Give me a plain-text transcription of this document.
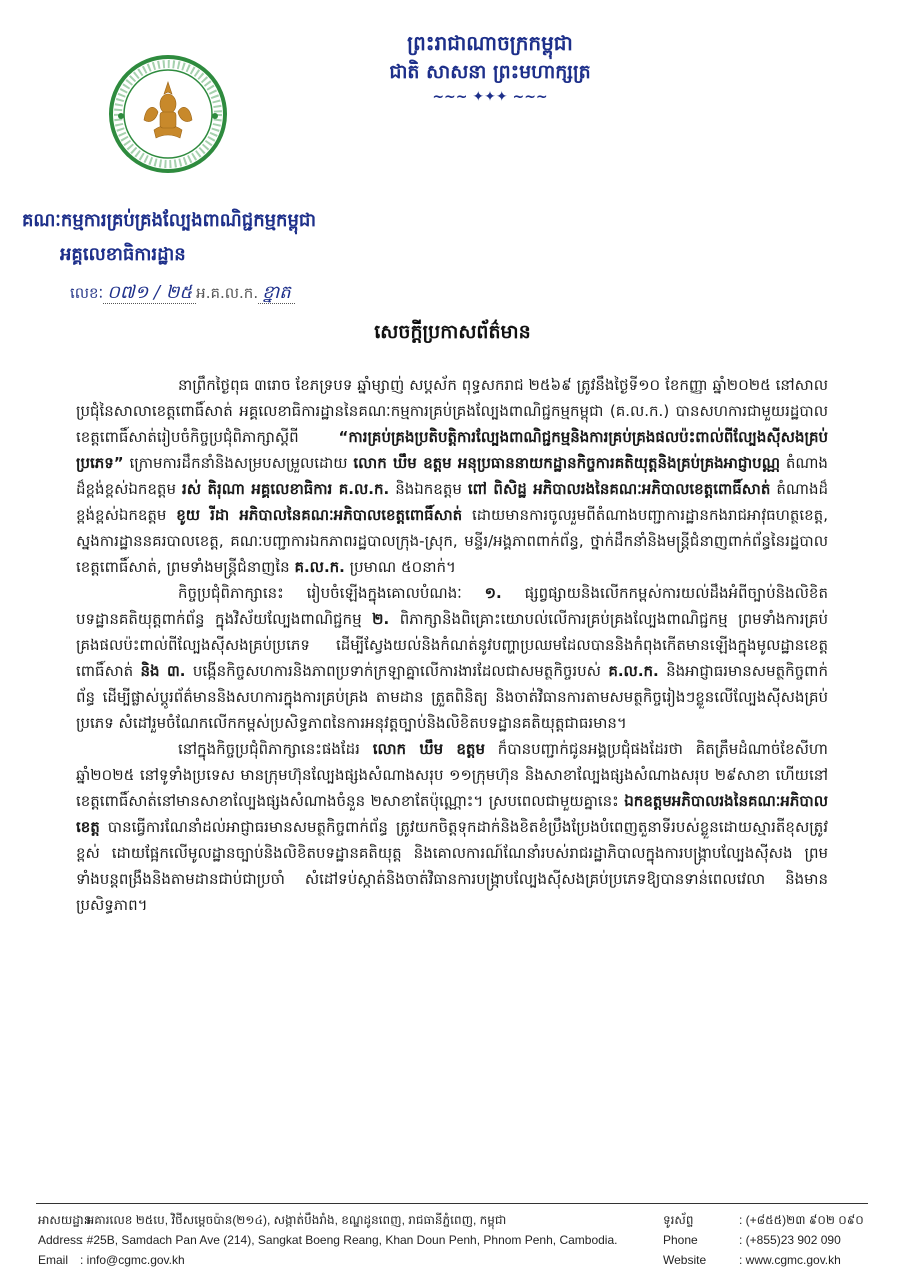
ព្រះរាជាណាចក្រកម្ពុជា
ជាតិ សាសនា ព្រះមហាក្សត្រ
~~~ ✦✦✦ ~~~
គណៈកម្មការគ្រប់គ្រងល្បែងពាណិជ្ជកម្មកម្ពុជា
អគ្គលេខាធិការដ្ឋាន
លេខៈ ០៧១ / ២៥ អ.គ.ល.ក. ខ្នាត
សេចក្តីប្រកាសព័ត៌មាន

នាព្រឹកថ្ងៃពុធ ៣រោច ខែភទ្របទ ឆ្នាំម្សាញ់ សប្តស័ក ពុទ្ធសករាជ ២៥៦៩ ត្រូវនឹងថ្ងៃទី១០ ខែកញ្ញា ឆ្នាំ២០២៥ នៅសាលប្រជុំនៃសាលាខេត្តពោធិ៍សាត់ អគ្គលេខាធិការដ្ឋាននៃគណៈកម្មការគ្រប់គ្រងល្បែងពាណិជ្ជកម្មកម្ពុជា (គ.ល.ក.) បានសហការជាមួយរដ្ឋបាលខេត្តពោធិ៍សាត់រៀបចំកិច្ចប្រជុំពិភាក្សាស្តីពី	“ការគ្រប់គ្រងប្រតិបត្តិការល្បែងពាណិជ្ជកម្មនិងការគ្រប់គ្រងផលប៉ះពាល់ពីល្បែងស៊ីសងគ្រប់ប្រភេទ” ក្រោមការដឹកនាំនិងសម្របសម្រួលដោយ លោក ឃឹម ឧត្តម អនុប្រធាននាយកដ្ឋានកិច្ចការគតិយុត្តនិងគ្រប់គ្រងអាជ្ញាបណ្ណ តំណាងដ៏ខ្ពង់ខ្ពស់ឯកឧត្តម រស់ តិរុណា អគ្គលេខាធិការ គ.ល.ក. និងឯកឧត្តម ពៅ ពិសិដ្ឋ អភិបាលរងនៃគណៈអភិបាលខេត្តពោធិ៍សាត់ តំណាងដ៏ខ្ពង់ខ្ពស់ឯកឧត្តម ខូយ រីដា អភិបាលនៃគណៈអភិបាលខេត្តពោធិ៍សាត់ ដោយមានការចូលរួមពីតំណាងបញ្ជាការដ្ឋានកងរាជអាវុធហត្ថខេត្ត, ស្នងការដ្ឋាននគរបាលខេត្ត, គណៈបញ្ជាការឯកភាពរដ្ឋបាលក្រុង-ស្រុក, មន្ទីរ/អង្គភាពពាក់ព័ន្ធ, ថ្នាក់ដឹកនាំនិងមន្ត្រីជំនាញពាក់ព័ន្ធនៃរដ្ឋបាលខេត្តពោធិ៍សាត់, ព្រមទាំងមន្ត្រីជំនាញនៃ គ.ល.ក. ប្រមាណ ៥០នាក់។

កិច្ចប្រជុំពិភាក្សានេះ រៀបចំឡើងក្នុងគោលបំណងៈ ១. ផ្សព្វផ្សាយនិងលើកកម្ពស់ការយល់ដឹងអំពីច្បាប់និងលិខិតបទដ្ឋានគតិយុត្តពាក់ព័ន្ធ ក្នុងវិស័យល្បែងពាណិជ្ជកម្ម ២. ពិភាក្សានិងពិគ្រោះយោបល់លើការគ្រប់គ្រងល្បែងពាណិជ្ជកម្ម ព្រមទាំងការគ្រប់គ្រងផលប៉ះពាល់ពីល្បែងស៊ីសងគ្រប់ប្រភេទ ដើម្បីស្វែងយល់និងកំណត់នូវបញ្ហាប្រឈមដែលបាននិងកំពុងកើតមានឡើងក្នុងមូលដ្ឋានខេត្តពោធិ៍សាត់ និង ៣. បង្កើនកិច្ចសហការនិងភាពប្រទាក់ក្រឡាគ្នាលើការងារដែលជាសមត្ថកិច្ចរបស់ គ.ល.ក. និងអាជ្ញាធរមានសមត្ថកិច្ចពាក់ព័ន្ធ ដើម្បីផ្លាស់ប្តូរព័ត៌មាននិងសហការក្នុងការគ្រប់គ្រង តាមដាន ត្រួតពិនិត្យ និងចាត់វិធានការតាមសមត្ថកិច្ចរៀងៗខ្លួនលើល្បែងស៊ីសងគ្រប់ប្រភេទ សំដៅរួមចំណែកលើកកម្ពស់ប្រសិទ្ធភាពនៃការអនុវត្តច្បាប់និងលិខិតបទដ្ឋានគតិយុត្តជាធរមាន។

នៅក្នុងកិច្ចប្រជុំពិភាក្សានេះផងដែរ លោក ឃឹម ឧត្តម ក៏បានបញ្ជាក់ជូនអង្គប្រជុំផងដែរថា គិតត្រឹមដំណាច់ខែសីហា ឆ្នាំ២០២៥ នៅទូទាំងប្រទេស មានក្រុមហ៊ុនល្បែងផ្សងសំណាងសរុប ១១ក្រុមហ៊ុន និងសាខាល្បែងផ្សងសំណាងសរុប ២៩សាខា ហើយនៅខេត្តពោធិ៍សាត់នៅមានសាខាល្បែងផ្សងសំណាងចំនួន ២សាខាតែប៉ុណ្ណោះ។ ស្របពេលជាមួយគ្នានេះ ឯកឧត្តមអភិបាលរងនៃគណៈអភិបាលខេត្ត បានធ្វើការណែនាំដល់អាជ្ញាធរមានសមត្ថកិច្ចពាក់ព័ន្ធ ត្រូវយកចិត្តទុកដាក់និងខិតខំប្រឹងប្រែងបំពេញតួនាទីរបស់ខ្លួនដោយស្មារតីខុសត្រូវខ្ពស់ ដោយផ្អែកលើមូលដ្ឋានច្បាប់និងលិខិតបទដ្ឋានគតិយុត្ត និងគោលការណ៍ណែនាំរបស់រាជរដ្ឋាភិបាលក្នុងការបង្ក្រាបល្បែងស៊ីសង ព្រមទាំងបន្តពង្រឹងនិងតាមដានជាប់ជាប្រចាំ សំដៅទប់ស្កាត់និងចាត់វិធានការបង្ក្រាបល្បែងស៊ីសងគ្រប់ប្រភេទឱ្យបានទាន់ពេលវេលា និងមានប្រសិទ្ធភាព។

អាសយដ្ឋាន
: អគារលេខ ២៥បេ, វិថីសម្តេចប៉ាន(២១៤), សង្កាត់បឹងរាំង, ខណ្ឌដូនពេញ, រាជធានីភ្នំពេញ, កម្ពុជា
Address
: #25B, Samdach Pan Ave (214), Sangkat Boeng Reang, Khan Doun Penh, Phnom Penh, Cambodia.
Email : info@cgmc.gov.kh
ទូរស័ព្ទ	: (+៨៥៥)២៣ ៩០២ ០៩០
Phone	: (+855)23 902 090
Website	: www.cgmc.gov.kh
